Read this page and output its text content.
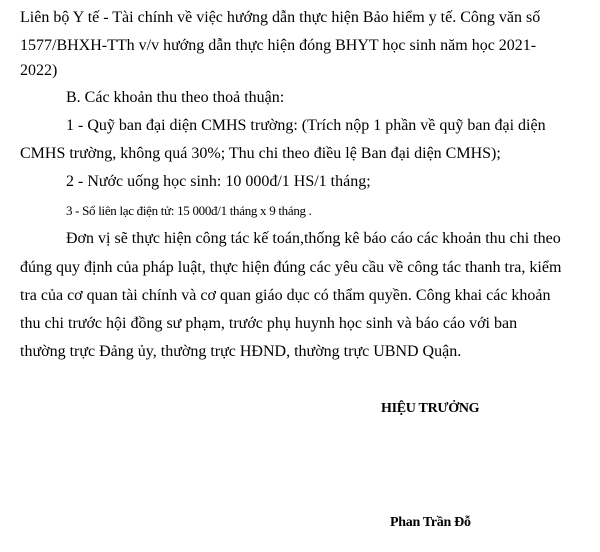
Liên bộ Y tế - Tài chính về việc hướng dẫn thực hiện Bảo hiểm y tế. Công văn số
1577/BHXH-TTh v/v hướng dẫn thực hiện đóng BHYT học sinh năm học 2021-
2022)
B. Các khoản thu theo thoả thuận:
1 - Quỹ ban đại diện CMHS trường: (Trích nộp 1 phần về quỹ ban đại diện
CMHS trường, không quá 30%; Thu chi theo điều lệ Ban đại diện CMHS);
2 - Nước uống học sinh: 10 000đ/1 HS/1 tháng;
3 - Sổ liên lạc điện tử: 15 000đ/1 tháng x 9 tháng .
Đơn vị sẽ thực hiện công tác kế toán,thống kê báo cáo các khoản thu chi theo
đúng quy định của pháp luật, thực hiện đúng các yêu cầu về công tác thanh tra, kiểm
tra của cơ quan tài chính và cơ quan giáo dục có thẩm quyền. Công khai các khoản
thu chi trước hội đồng sư phạm, trước phụ huynh học sinh và báo cáo với ban
thường trực Đảng ủy, thường trực HĐND, thường trực UBND Quận.
HIỆU TRƯỞNG
Phan Trần Đỗ
